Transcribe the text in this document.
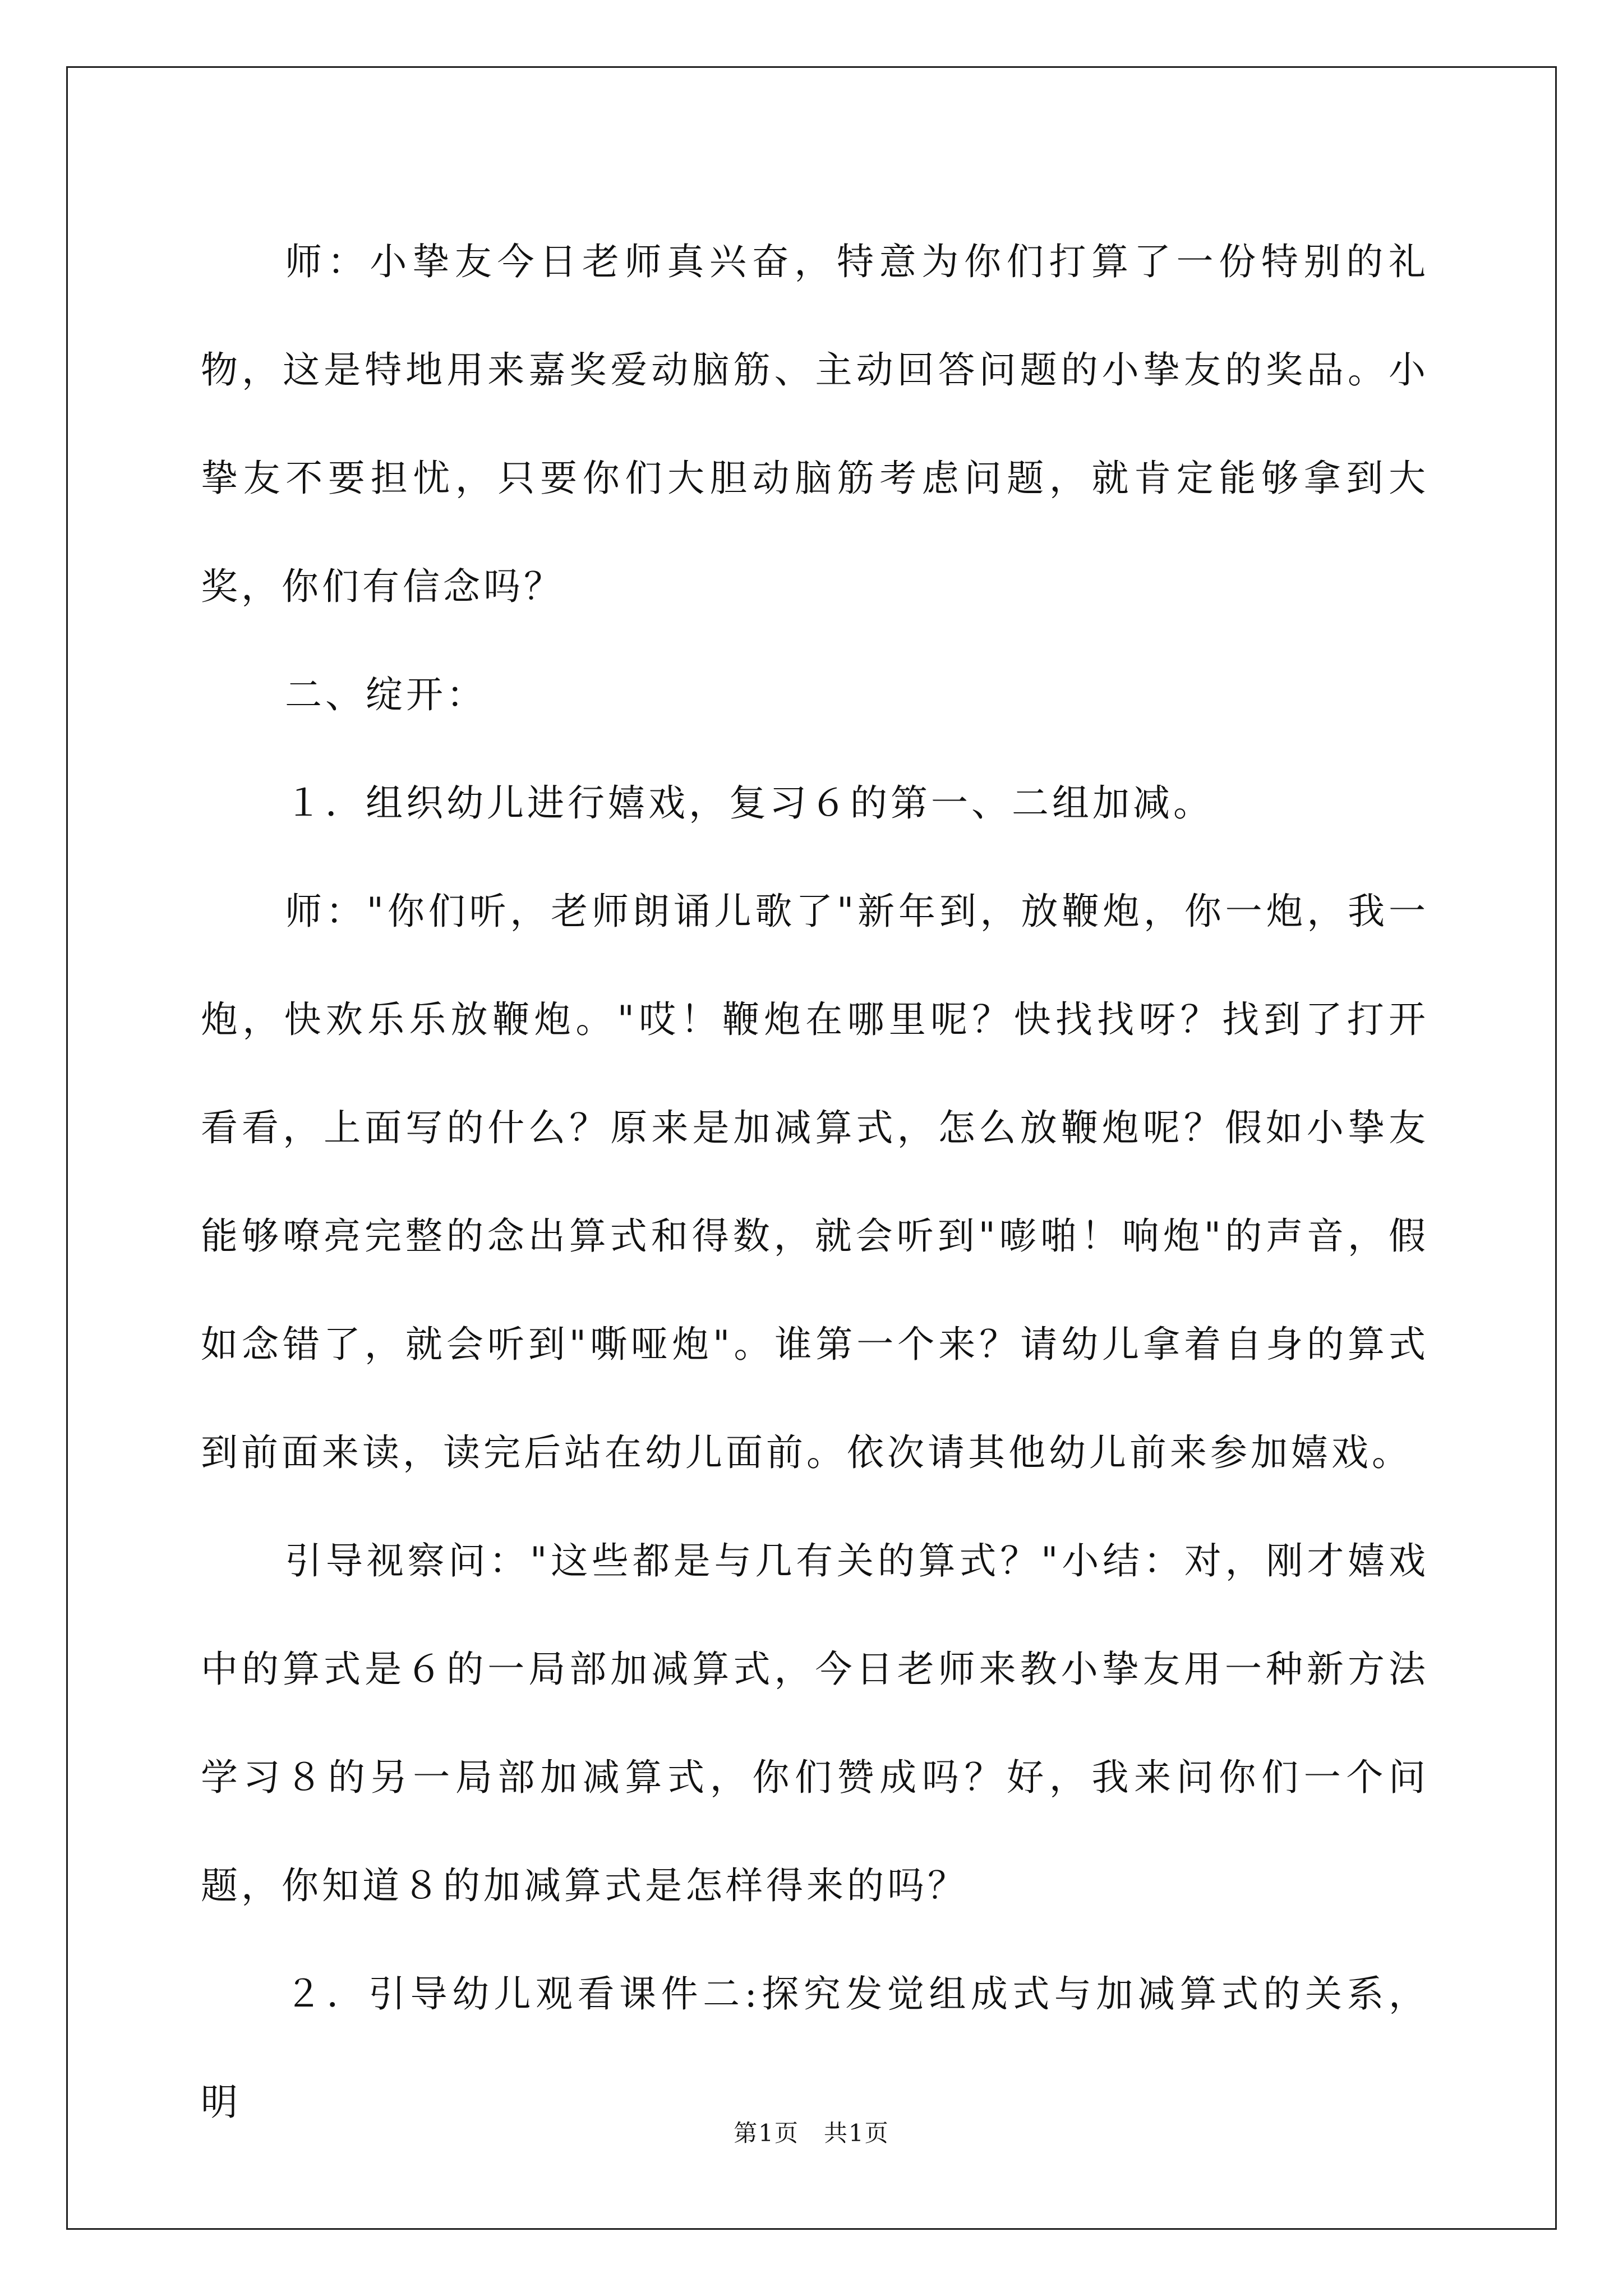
师：小挚友今日老师真兴奋，特意为你们打算了一份特别的礼物，这是特地用来嘉奖爱动脑筋、主动回答问题的小挚友的奖品。小挚友不要担忧，只要你们大胆动脑筋考虑问题，就肯定能够拿到大奖，你们有信念吗？

二、绽开：

１．组织幼儿进行嬉戏，复习６的第一、二组加减。

师："你们听，老师朗诵儿歌了"新年到，放鞭炮，你一炮，我一炮，快欢乐乐放鞭炮。"哎！鞭炮在哪里呢？快找找呀？找到了打开看看，上面写的什么？原来是加减算式，怎么放鞭炮呢？假如小挚友能够嘹亮完整的念出算式和得数，就会听到"嘭啪！响炮"的声音，假如念错了，就会听到"嘶哑炮"。谁第一个来？请幼儿拿着自身的算式到前面来读，读完后站在幼儿面前。依次请其他幼儿前来参加嬉戏。

引导视察问："这些都是与几有关的算式？"小结：对，刚才嬉戏中的算式是６的一局部加减算式，今日老师来教小挚友用一种新方法学习８的另一局部加减算式，你们赞成吗？好，我来问你们一个问题，你知道８的加减算式是怎样得来的吗？

２．引导幼儿观看课件二:探究发觉组成式与加减算式的关系，明

第1页　共1页
